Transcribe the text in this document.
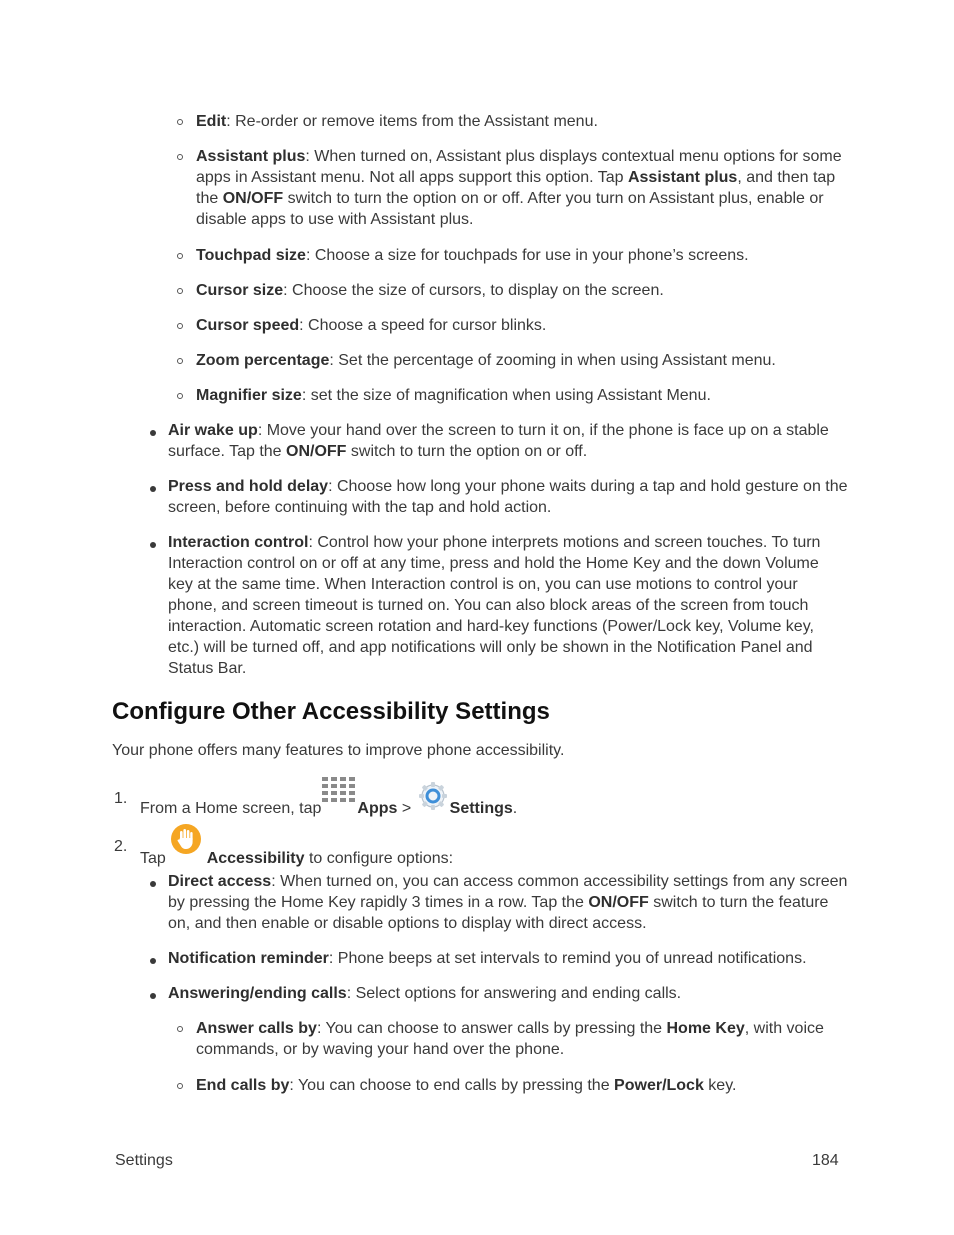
Edit: Re-order or remove items from the Assistant menu.
Assistant plus: When turned on, Assistant plus displays contextual menu options for some apps in Assistant menu. Not all apps support this option. Tap Assistant plus, and then tap the ON/OFF switch to turn the option on or off. After you turn on Assistant plus, enable or disable apps to use with Assistant plus.
Touchpad size: Choose a size for touchpads for use in your phone’s screens.
Cursor size: Choose the size of cursors, to display on the screen.
Cursor speed: Choose a speed for cursor blinks.
Zoom percentage: Set the percentage of zooming in when using Assistant menu.
Magnifier size: set the size of magnification when using Assistant Menu.
Air wake up: Move your hand over the screen to turn it on, if the phone is face up on a stable surface. Tap the ON/OFF switch to turn the option on or off.
Press and hold delay: Choose how long your phone waits during a tap and hold gesture on the screen, before continuing with the tap and hold action.
Interaction control: Control how your phone interprets motions and screen touches. To turn Interaction control on or off at any time, press and hold the Home Key and the down Volume key at the same time. When Interaction control is on, you can use motions to control your phone, and screen timeout is turned on. You can also block areas of the screen from touch interaction. Automatic screen rotation and hard-key functions (Power/Lock key, Volume key, etc.) will be turned off, and app notifications will only be shown in the Notification Panel and Status Bar.
Configure Other Accessibility Settings
Your phone offers many features to improve phone accessibility.
1.
From a Home screen, tap Apps > Settings.
2.
Tap  Accessibility to configure options:
Direct access: When turned on, you can access common accessibility settings from any screen by pressing the Home Key rapidly 3 times in a row. Tap the ON/OFF switch to turn the feature on, and then enable or disable options to display with direct access.
Notification reminder: Phone beeps at set intervals to remind you of unread notifications.
Answering/ending calls: Select options for answering and ending calls.
Answer calls by: You can choose to answer calls by pressing the Home Key, with voice commands, or by waving your hand over the phone.
End calls by: You can choose to end calls by pressing the Power/Lock key.
Settings	184
